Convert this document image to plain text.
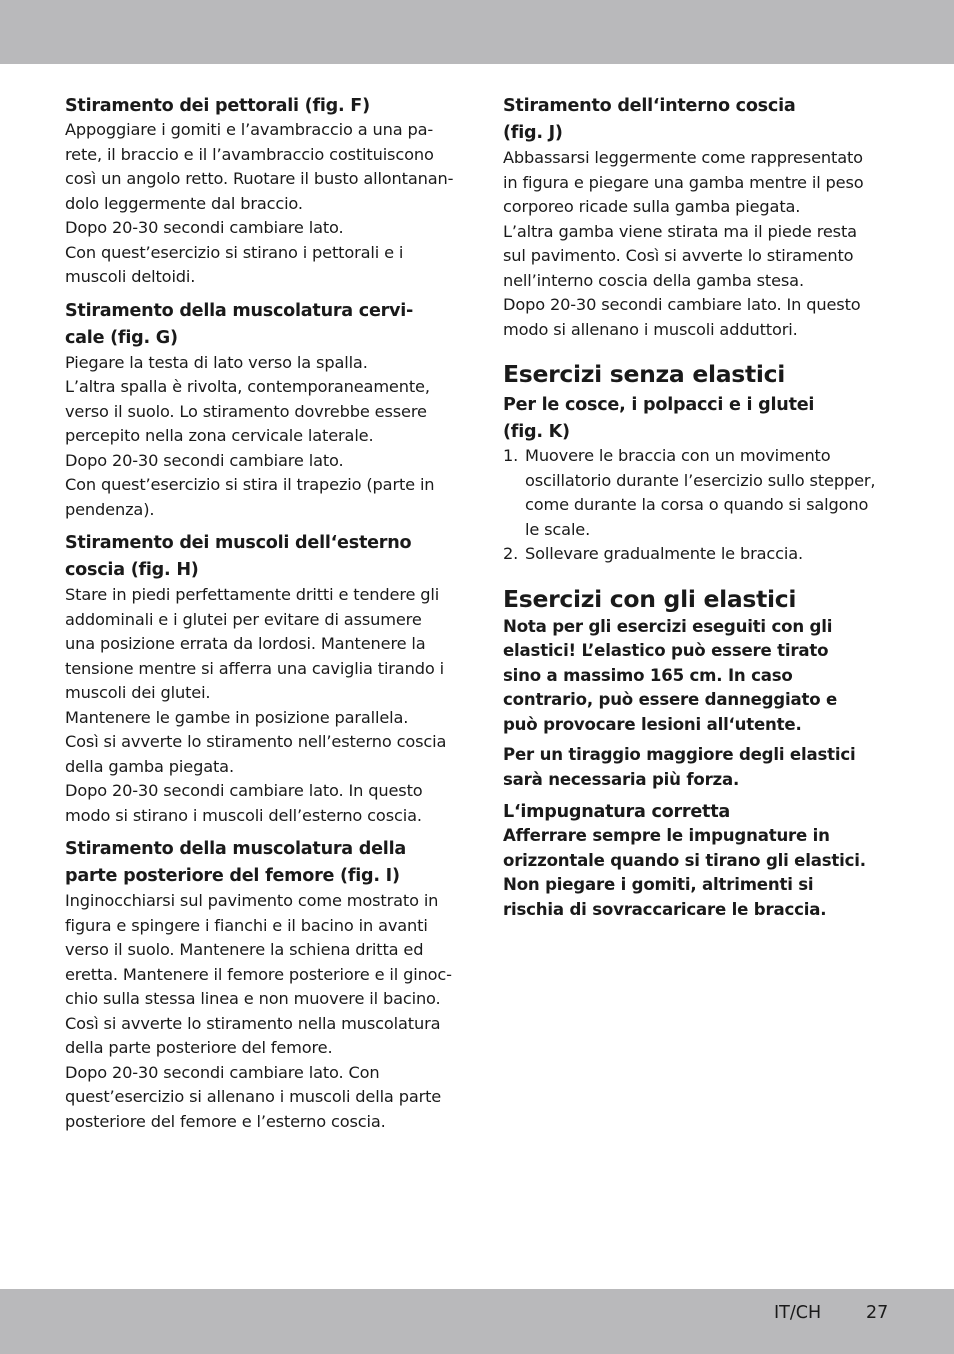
Stiramento dei pettorali (fig. F)
Appoggiare i gomiti e l’avambraccio a una pa-
rete, il braccio e il l’avambraccio costituiscono
così un angolo retto. Ruotare il busto allontanan-
dolo leggermente dal braccio.
Dopo 20-30 secondi cambiare lato.
Con quest’esercizio si stirano i pettorali e i
muscoli deltoidi.
Stiramento della muscolatura cervi-
cale (fig. G)
Piegare la testa di lato verso la spalla.
L’altra spalla è rivolta, contemporaneamente,
verso il suolo. Lo stiramento dovrebbe essere
percepito nella zona cervicale laterale.
Dopo 20-30 secondi cambiare lato.
Con quest’esercizio si stira il trapezio (parte in
pendenza).
Stiramento dei muscoli dell‘esterno
coscia (fig. H)
Stare in piedi perfettamente dritti e tendere gli
addominali e i glutei per evitare di assumere
una posizione errata da lordosi. Mantenere la
tensione mentre si afferra una caviglia tirando i
muscoli dei glutei.
Mantenere le gambe in posizione parallela.
Così si avverte lo stiramento nell’esterno coscia
della gamba piegata.
Dopo 20-30 secondi cambiare lato. In questo
modo si stirano i muscoli dell’esterno coscia.
Stiramento della muscolatura della
parte posteriore del femore (fig. I)
Inginocchiarsi sul pavimento come mostrato in
figura e spingere i fianchi e il bacino in avanti
verso il suolo. Mantenere la schiena dritta ed
eretta. Mantenere il femore posteriore e il ginoc-
chio sulla stessa linea e non muovere il bacino.
Così si avverte lo stiramento nella muscolatura
della parte posteriore del femore.
Dopo 20-30 secondi cambiare lato. Con
quest’esercizio si allenano i muscoli della parte
posteriore del femore e l’esterno coscia.
Stiramento dell‘interno coscia
(fig. J)
Abbassarsi leggermente come rappresentato
in figura e piegare una gamba mentre il peso
corporeo ricade sulla gamba piegata.
L’altra gamba viene stirata ma il piede resta
sul pavimento. Così si avverte lo stiramento
nell’interno coscia della gamba stesa.
Dopo 20-30 secondi cambiare lato. In questo
modo si allenano i muscoli adduttori.
Esercizi senza elastici
Per le cosce, i polpacci e i glutei
(fig. K)
1. Muovere le braccia con un movimento
oscillatorio durante l’esercizio sullo stepper,
come durante la corsa o quando si salgono
le scale.
2. Sollevare gradualmente le braccia.
Esercizi con gli elastici
Nota per gli esercizi eseguiti con gli
elastici! L’elastico può essere tirato
sino a massimo 165 cm. In caso
contrario, può essere danneggiato e
può provocare lesioni all‘utente.
Per un tiraggio maggiore degli elastici
sarà necessaria più forza.
L‘impugnatura corretta
Afferrare sempre le impugnature in
orizzontale quando si tirano gli elastici.
Non piegare i gomiti, altrimenti si
rischia di sovraccaricare le braccia.
IT/CH	27
